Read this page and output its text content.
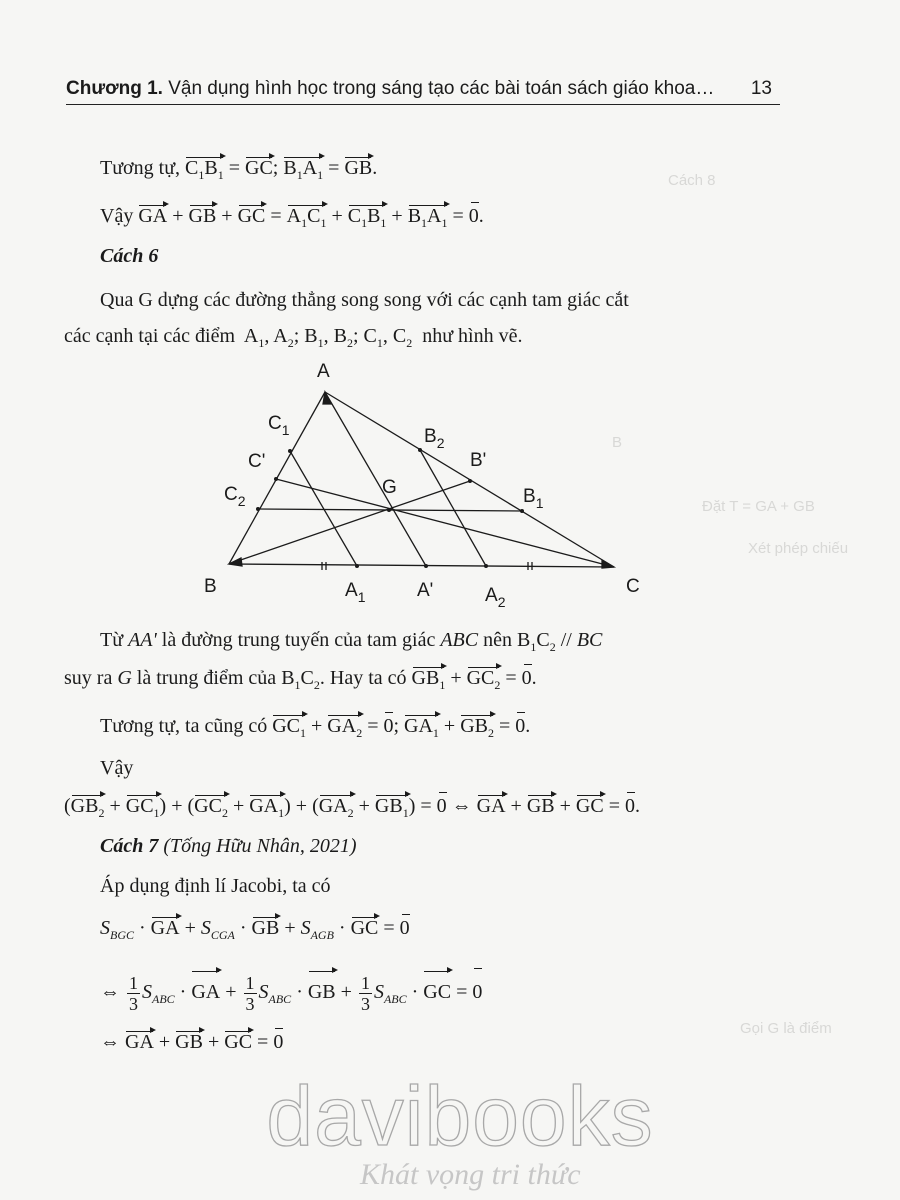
Cách 8
B
Đặt T = GA + GB
Xét phép chiếu
Gọi G là điểm
Chương 1. Vận dụng hình học trong sáng tạo các bài toán sách giáo khoa… 13
Tương tự, $C_1B_1$ = GC; $B_1A_1$ = GB.
Vậy GA + GB + GC = $A_1C_1 + C_1B_1 + B_1A_1 = 0$.
Cách 6
Qua G dựng các đường thẳng song song với các cạnh tam giác cắt
các cạnh tại các điểm  $A_1$, $A_2$; $B_1$, $B_2$; $C_1$, $C_2$ như hình vẽ.
A
B	C
G
$C_1$
C'
$C_2$
$B_2$
B'
$B_1$
$A_1$	A'	$A_2$
Từ AA' là đường trung tuyến của tam giác ABC nên $B_1C_2$ // BC
suy ra G là trung điểm của $B_1C_2$. Hay ta có $GB_1 + GC_2 = 0$.
Tương tự, ta cũng có $GC_1 + GA_2 = 0$; $GA_1 + GB_2 = 0$.
Vậy
$(GB_2 + GC_1) + (GC_2 + GA_1) + (GA_2 + GB_1) = 0$ ⇔ GA + GB + GC = 0.
Cách 7 (Tống Hữu Nhân, 2021)
Áp dụng định lí Jacobi, ta có
$S_{BGC}$ · GA + $S_{CGA}$ · GB + $S_{AGB}$ · GC = 0
⇔ $\frac{1}{3} S_{ABC}$ · GA + $\frac{1}{3} S_{ABC}$ · GB + $\frac{1}{3} S_{ABC}$ · GC = 0
⇔ GA + GB + GC = 0
davibooks
Khát vọng tri thức
